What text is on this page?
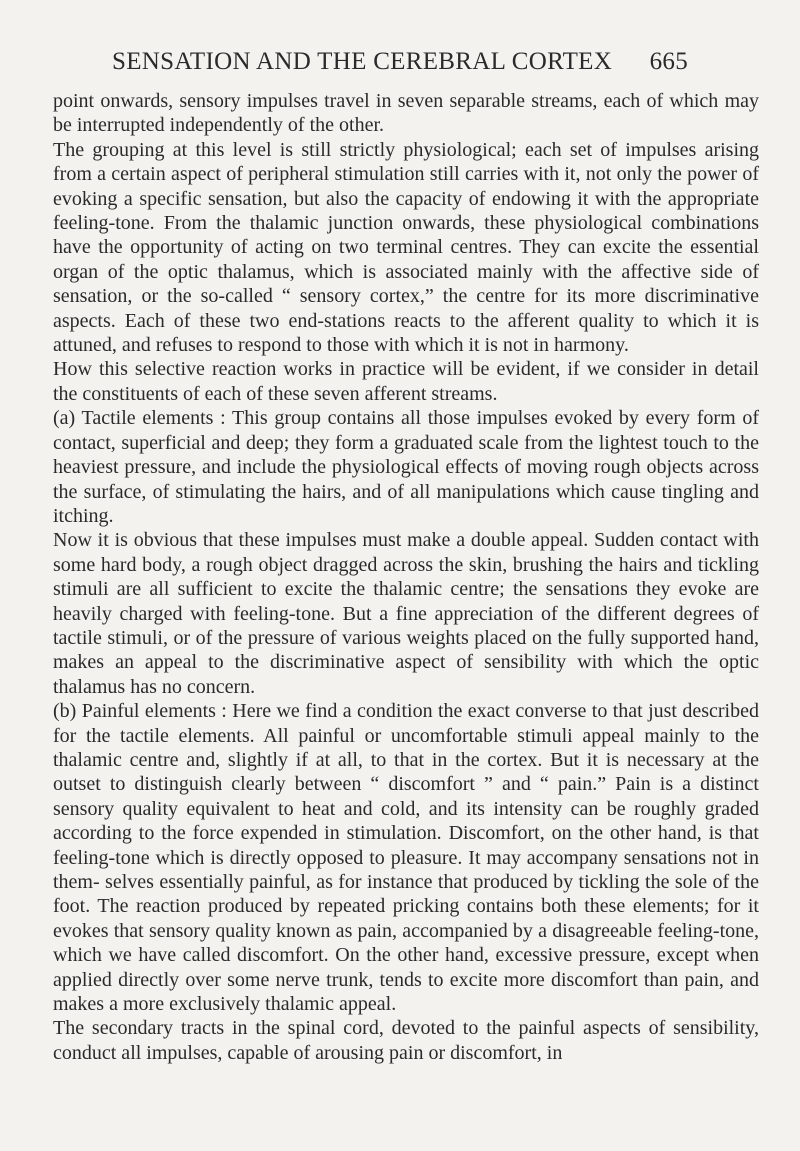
SENSATION AND THE CEREBRAL CORTEX 665

point onwards, sensory impulses travel in seven separable streams, each of which may be interrupted independently of the other.

The grouping at this level is still strictly physiological; each set of impulses arising from a certain aspect of peripheral stimulation still carries with it, not only the power of evoking a specific sensation, but also the capacity of endowing it with the appropriate feeling-tone. From the thalamic junction onwards, these physiological combinations have the opportunity of acting on two terminal centres. They can excite the essential organ of the optic thalamus, which is associated mainly with the affective side of sensation, or the so-called “ sensory cortex,” the centre for its more discriminative aspects. Each of these two end-stations reacts to the afferent quality to which it is attuned, and refuses to respond to those with which it is not in harmony.

How this selective reaction works in practice will be evident, if we consider in detail the constituents of each of these seven afferent streams.

(a) Tactile elements : This group contains all those impulses evoked by every form of contact, superficial and deep; they form a graduated scale from the lightest touch to the heaviest pressure, and include the physiological effects of moving rough objects across the surface, of stimulating the hairs, and of all manipulations which cause tingling and itching.

Now it is obvious that these impulses must make a double appeal. Sudden contact with some hard body, a rough object dragged across the skin, brushing the hairs and tickling stimuli are all sufficient to excite the thalamic centre; the sensations they evoke are heavily charged with feeling-tone. But a fine appreciation of the different degrees of tactile stimuli, or of the pressure of various weights placed on the fully supported hand, makes an appeal to the discriminative aspect of sensibility with which the optic thalamus has no concern.

(b) Painful elements : Here we find a condition the exact converse to that just described for the tactile elements. All painful or uncomfortable stimuli appeal mainly to the thalamic centre and, slightly if at all, to that in the cortex. But it is necessary at the outset to distinguish clearly between “ discomfort ” and “ pain.” Pain is a distinct sensory quality equivalent to heat and cold, and its intensity can be roughly graded according to the force expended in stimulation. Discomfort, on the other hand, is that feeling-tone which is directly opposed to pleasure. It may accompany sensations not in them- selves essentially painful, as for instance that produced by tickling the sole of the foot. The reaction produced by repeated pricking contains both these elements; for it evokes that sensory quality known as pain, accompanied by a disagreeable feeling-tone, which we have called discomfort. On the other hand, excessive pressure, except when applied directly over some nerve trunk, tends to excite more discomfort than pain, and makes a more exclusively thalamic appeal.

The secondary tracts in the spinal cord, devoted to the painful aspects of sensibility, conduct all impulses, capable of arousing pain or discomfort, in
